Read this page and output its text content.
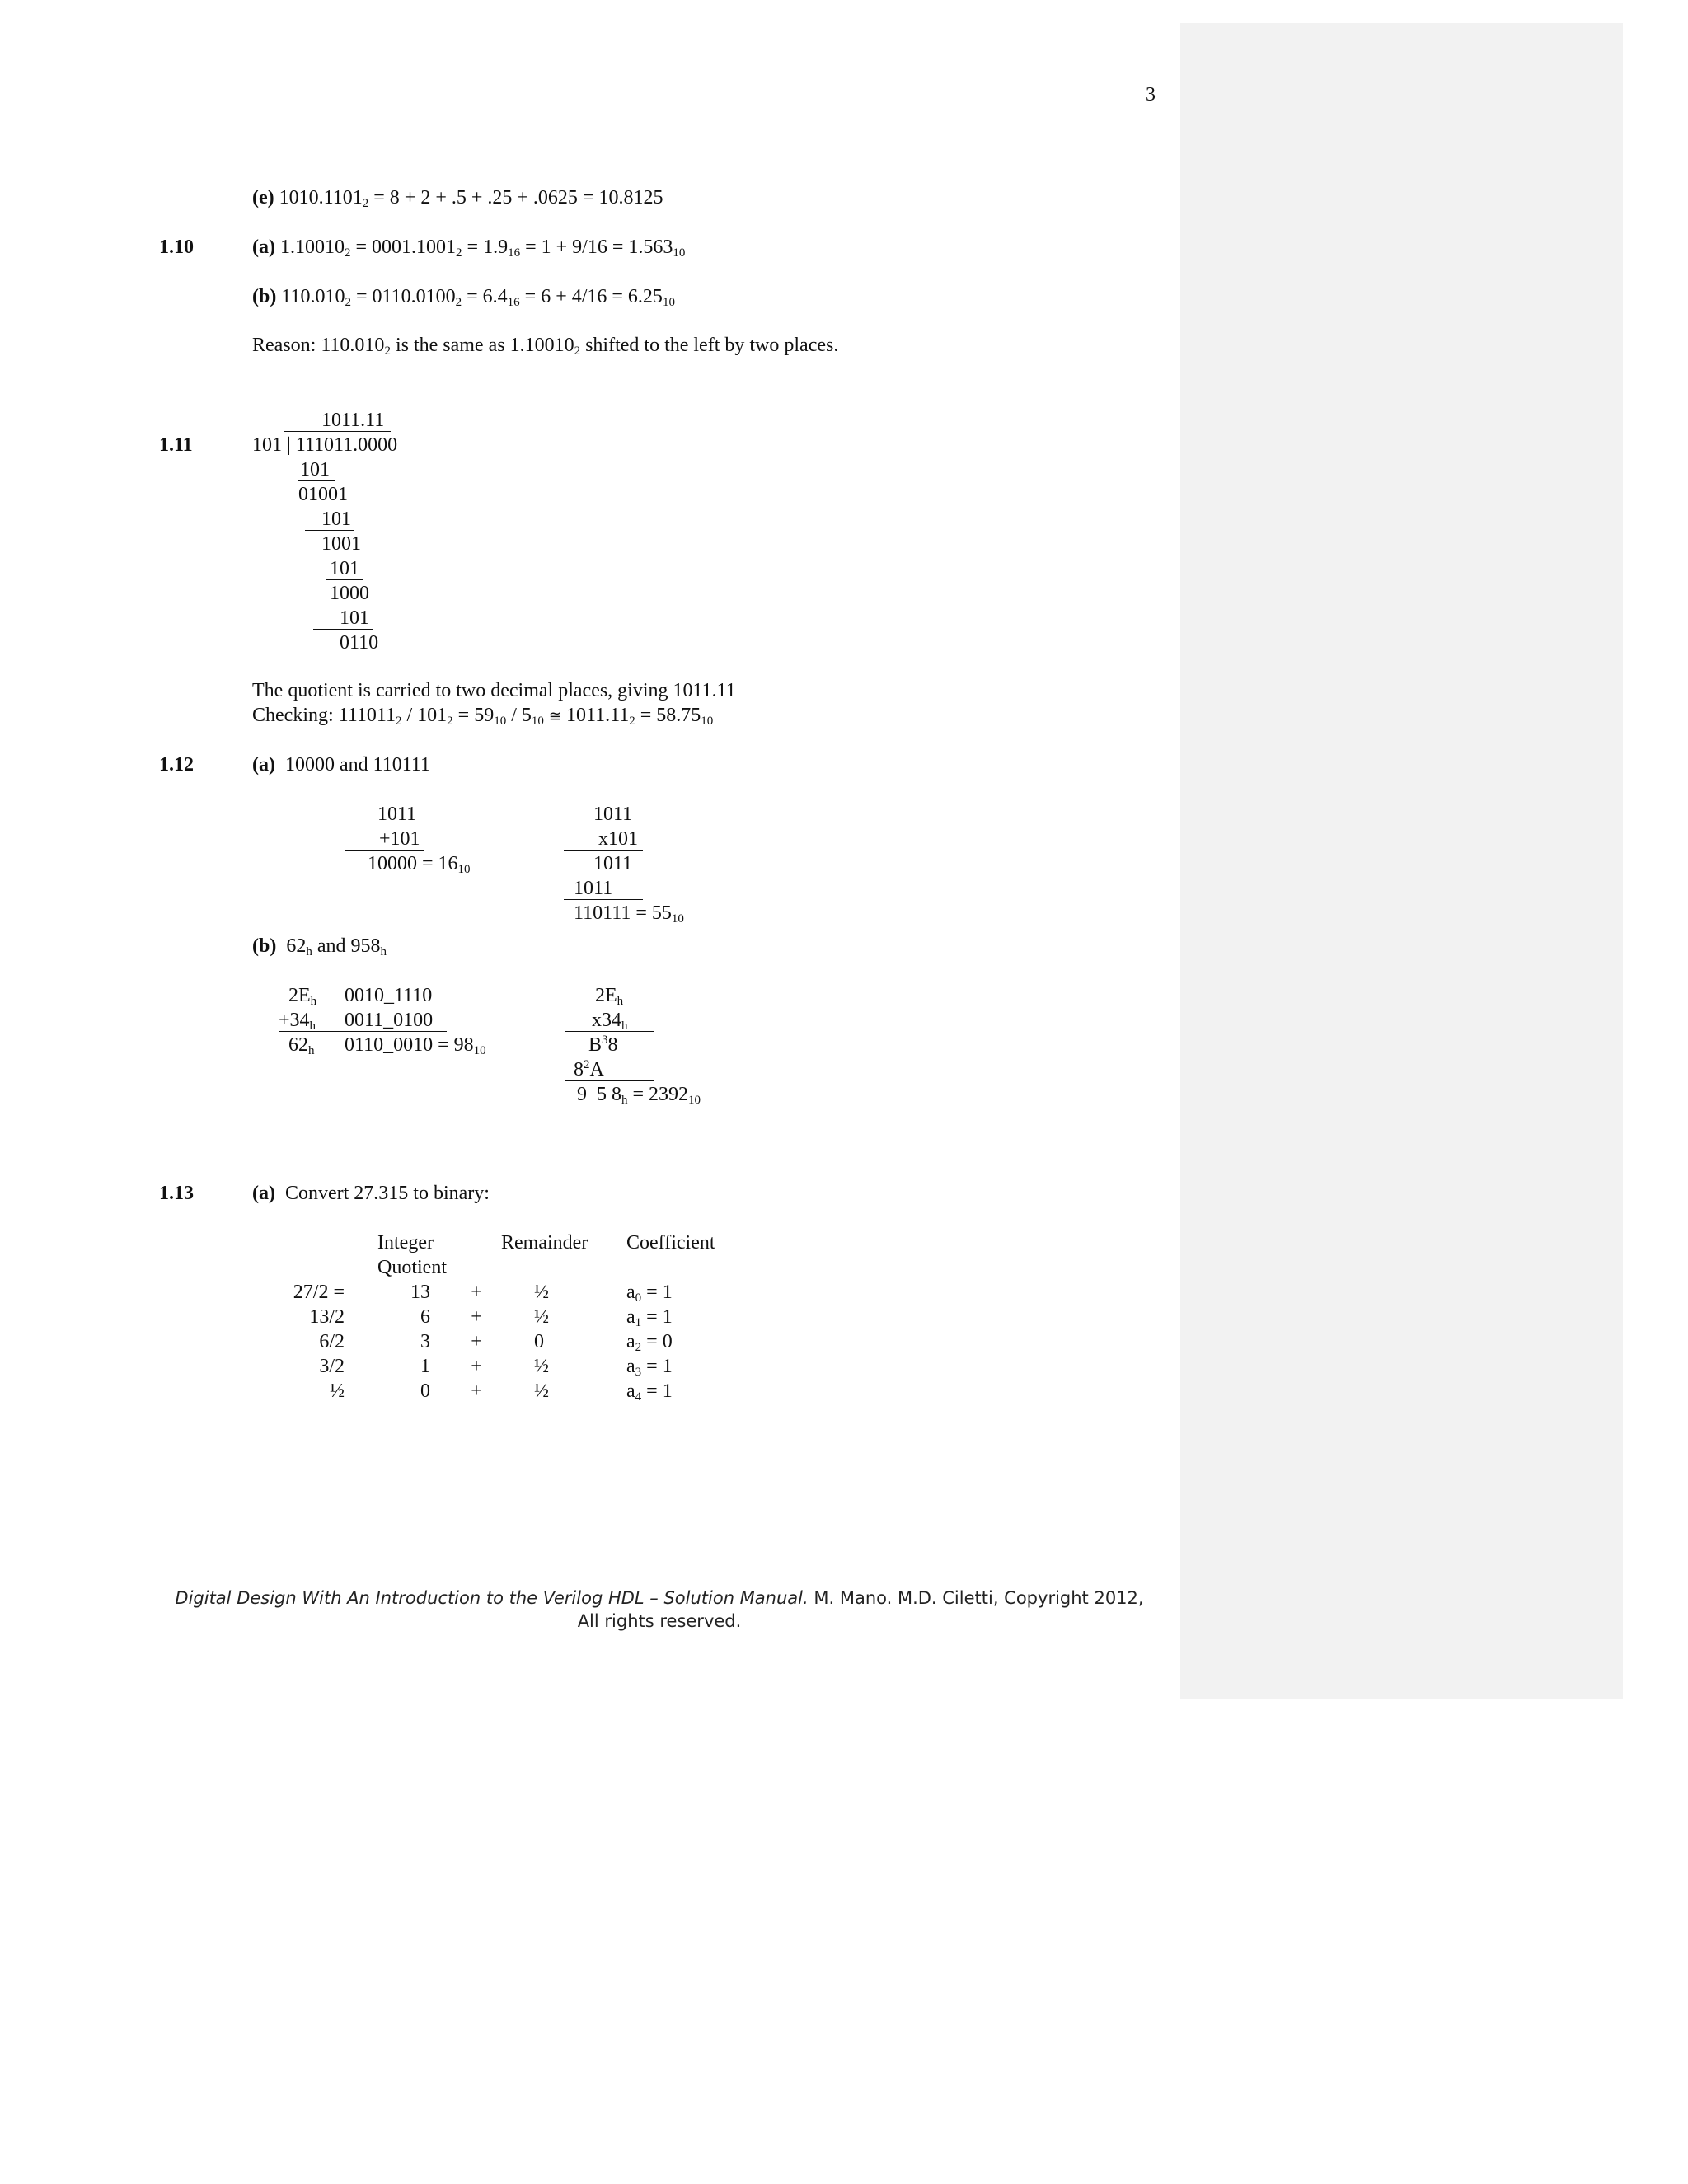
3
(e) $1010.1101_2 = 8 + 2 + .5 + .25 + .0625 = 10.8125$
1.10	(a) $1.10010_2 = 0001.1001_2 = 1.9_{16} = 1 + 9/16 = 1.563_{10}$
(b) $110.010_2 = 0110.0100_2 = 6.4_{16} = 6 + 4/16 = 6.25_{10}$
Reason: $110.010_2$ is the same as $1.10010_2$ shifted to the left by two places.
1011.11
1.11	101 | 111011.0000
101
01001
101
1001
101
1000
101
0110
The quotient is carried to two decimal places, giving 1011.11
Checking: $111011_2 / 101_2 = 59_{10} / 5_{10}$ ≅ $1011.11_2 = 58.75_{10}$
1.12	(a) 10000 and 110111
1011
+101
$10000 = 16_{10}$
1011
x101
1011
1011
$110111 = 55_{10}$
(b) $62_h$ and $958_h$
$2E_h$ 0010_1110
$+34_h$ 0011_0100
$62_h$ 0110_0010 = $98_{10}$
$2E_h$
$x34_h$
$B^38$
$8^2A$
9  5 $8_h = 2392_{10}$
1.13	(a) Convert 27.315 to binary:
Integer
Quotient
Remainder Coefficient
27/2 =	13 +	½	$a_0 = 1$
13/2	6 +	½	$a_1 = 1$
6/2	3 +	0	$a_2 = 0$
3/2	1 +	½	$a_3 = 1$
½	0 +	½	$a_4 = 1$
Digital Design With An Introduction to the Verilog HDL – Solution Manual. M. Mano. M.D. Ciletti, Copyright 2012,
All rights reserved.
